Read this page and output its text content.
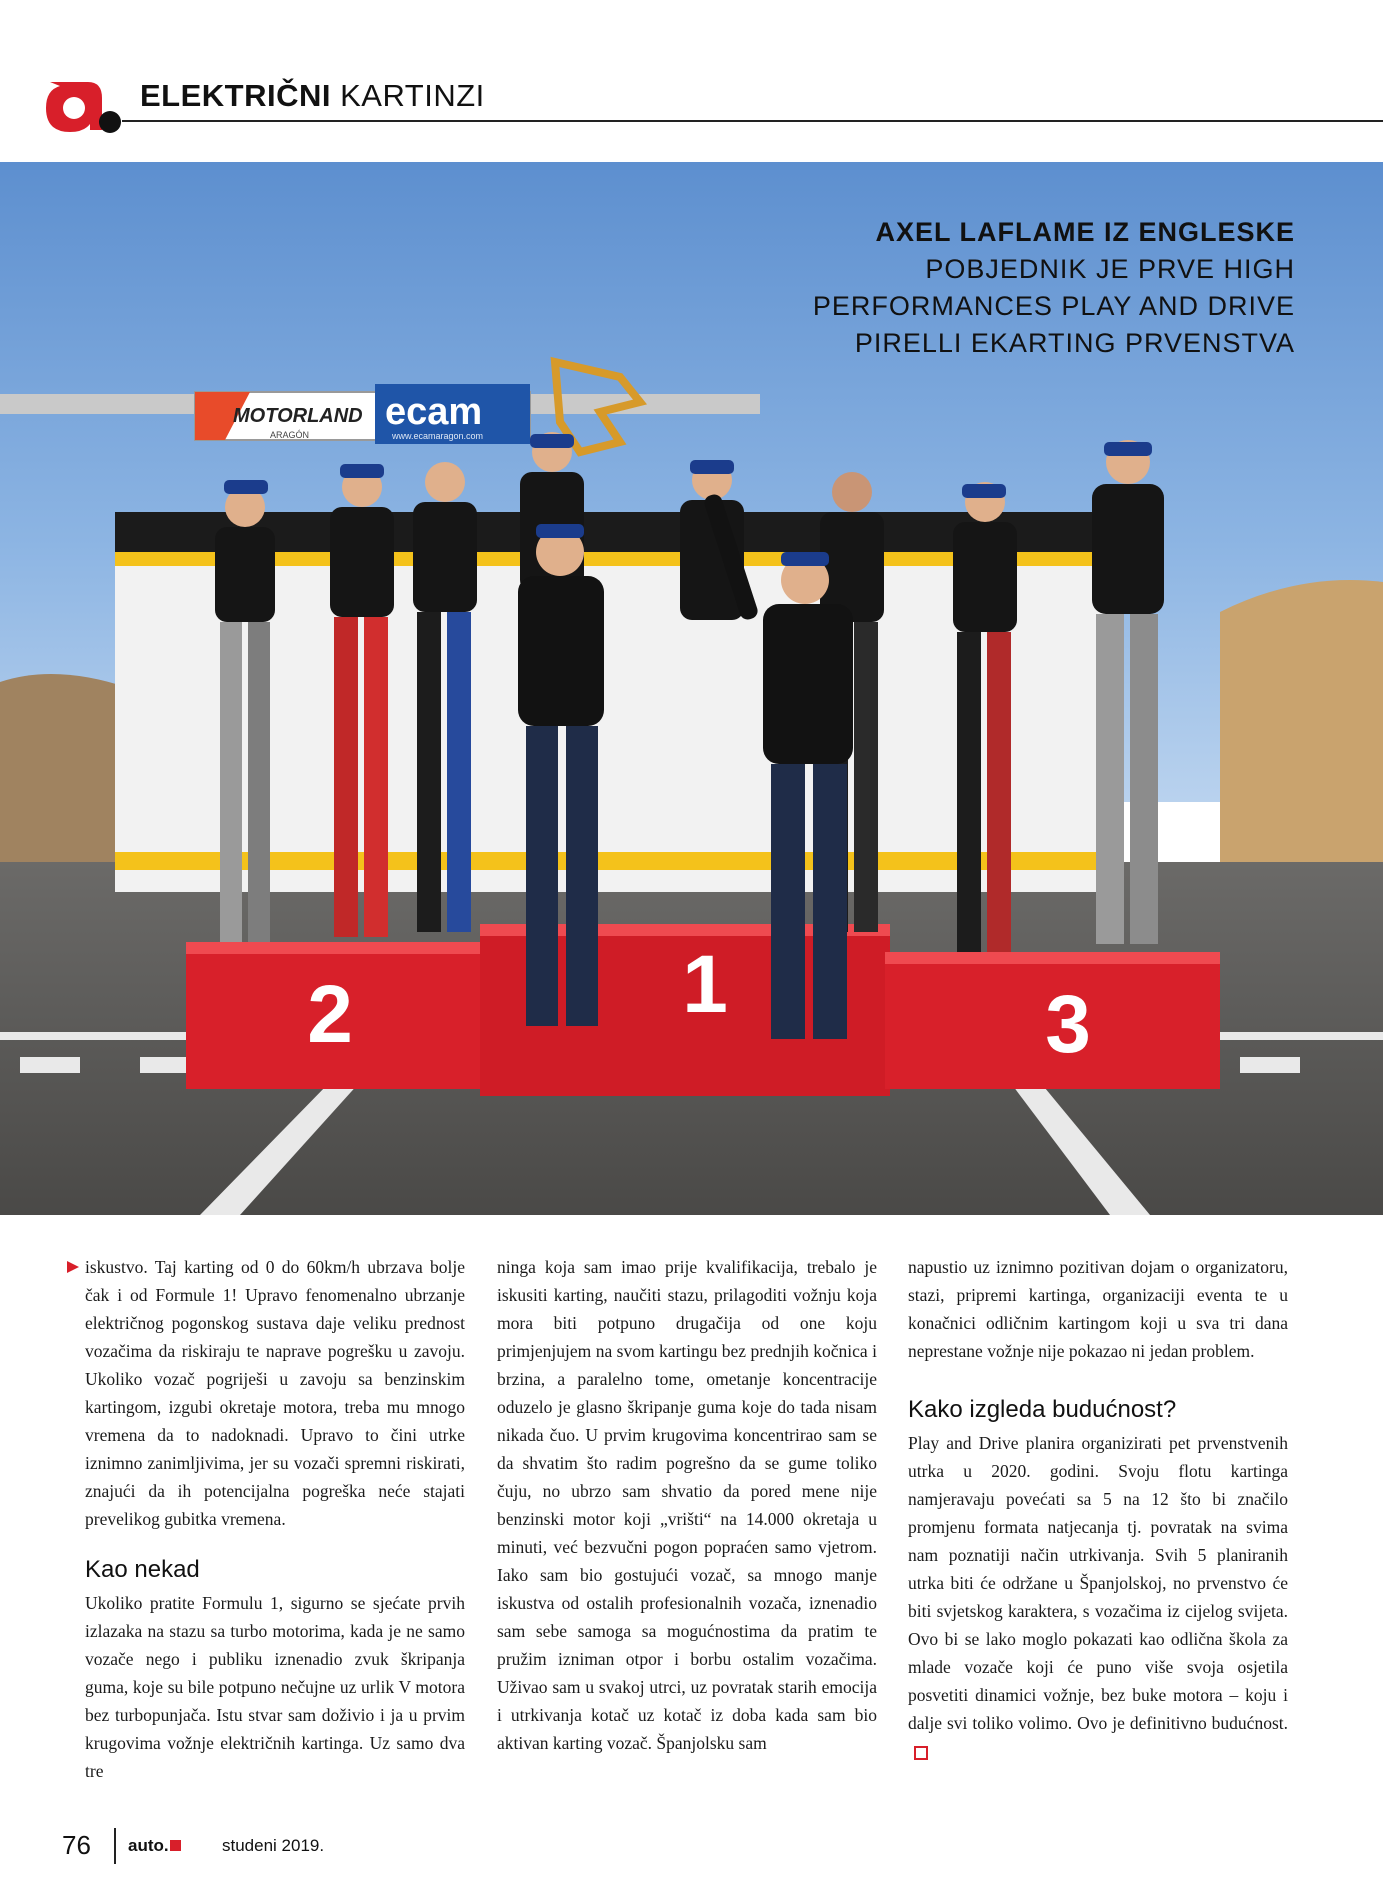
ELEKTRIČNI KARTINZI
MOTORLAND
ARAGÓN
ecam
www.ecamaragon.com
2	1	3
AXEL LAFLAME IZ ENGLESKE
POBJEDNIK JE PRVE HIGH
PERFORMANCES PLAY AND DRIVE
PIRELLI EKARTING PRVENSTVA

iskustvo. Taj karting od 0 do 60km/h ubrzava bolje čak i od Formule 1! Upravo fenomenalno ubrzanje električnog pogonskog sustava daje veliku prednost vozačima da riskiraju te naprave pogrešku u zavoju. Ukoliko vozač pogriješi u zavoju sa benzinskim kartingom, izgubi okretaje motora, treba mu mnogo vremena da to nadoknadi. Upravo to čini utrke iznimno zanimljivima, jer su vozači spremni riskirati, znajući da ih potencijalna pogreška neće stajati prevelikog gubitka vremena.

Kao nekad

Ukoliko pratite Formulu 1, sigurno se sjećate prvih izlazaka na stazu sa turbo motorima, kada je ne samo vozače nego i publiku iznenadio zvuk škripanja guma, koje su bile potpuno nečujne uz urlik V motora bez turbopunjača. Istu stvar sam doživio i ja u prvim krugovima vožnje električnih kartinga. Uz samo dva tre

ninga koja sam imao prije kvalifikacija, trebalo je iskusiti karting, naučiti stazu, prilagoditi vožnju koja mora biti potpuno drugačija od one koju primjenjujem na svom kartingu bez prednjih kočnica i brzina, a paralelno tome, ometanje koncentracije oduzelo je glasno škripanje guma koje do tada nisam nikada čuo. U prvim krugovima koncentrirao sam se da shvatim što radim pogrešno da se gume toliko čuju, no ubrzo sam shvatio da pored mene nije benzinski motor koji „vrišti“ na 14.000 okretaja u minuti, već bezvučni pogon popraćen samo vjetrom. Iako sam bio gostujući vozač, sa mnogo manje iskustva od ostalih profesionalnih vozača, iznenadio sam sebe samoga sa mogućnostima da pratim te pružim izniman otpor i borbu ostalim vozačima. Uživao sam u svakoj utrci, uz povratak starih emocija i utrkivanja kotač uz kotač iz doba kada sam bio aktivan karting vozač. Španjolsku sam

napustio uz iznimno pozitivan dojam o organizatoru, stazi, pripremi kartinga, organizaciji eventa te u konačnici odličnim kartingom koji u sva tri dana neprestane vožnje nije pokazao ni jedan problem.

Kako izgleda budućnost?

Play and Drive planira organizirati pet prvenstvenih utrka u 2020. godini. Svoju flotu kartinga namjeravaju povećati sa 5 na 12 što bi značilo promjenu formata natjecanja tj. povratak na svima nam poznatiji način utrkivanja. Svih 5 planiranih utrka biti će održane u Španjolskoj, no prvenstvo će biti svjetskog karaktera, s vozačima iz cijelog svijeta. Ovo bi se lako moglo pokazati kao odlična škola za mlade vozače koji će puno više svoja osjetila posvetiti dinamici vožnje, bez buke motora – koju i dalje svi toliko volimo. Ovo je definitivno budućnost.

76 auto.	studeni 2019.
